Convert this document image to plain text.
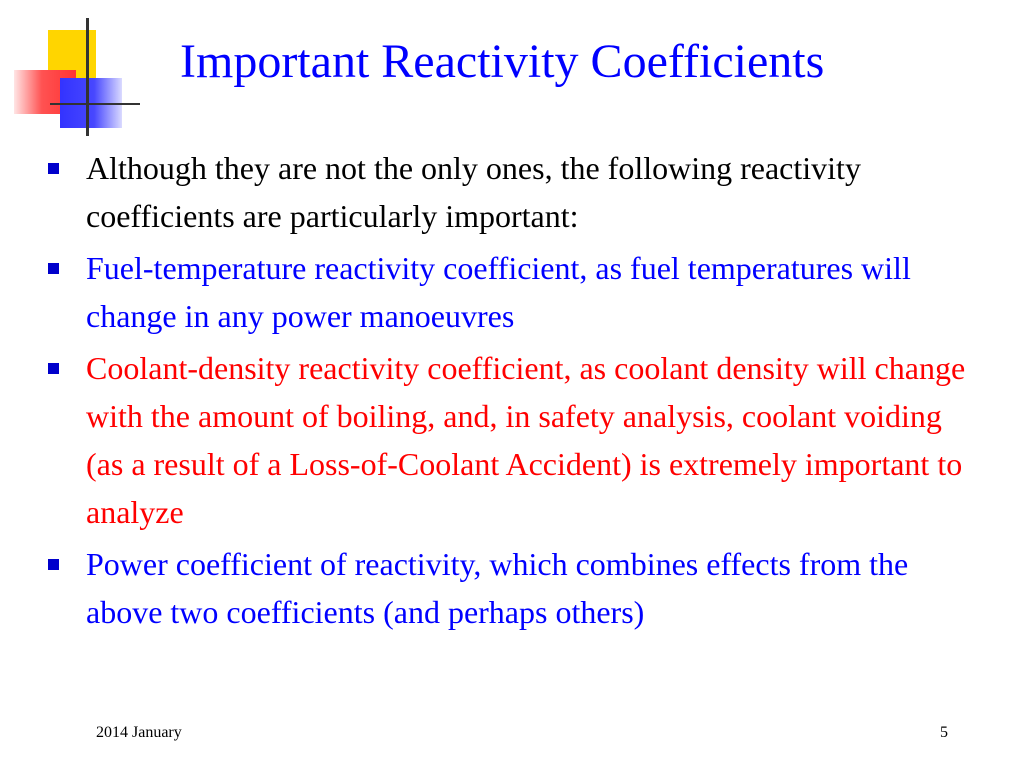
Important Reactivity Coefficients
Although they are not the only ones, the following reactivity coefficients are particularly important:
Fuel-temperature reactivity coefficient, as fuel temperatures will change in any power manoeuvres
Coolant-density reactivity coefficient, as coolant density will change with the amount of boiling, and, in safety analysis, coolant voiding (as a result of a Loss-of-Coolant Accident) is extremely important to analyze
Power coefficient of reactivity, which combines effects from the above two coefficients (and perhaps others)
2014 January	5
